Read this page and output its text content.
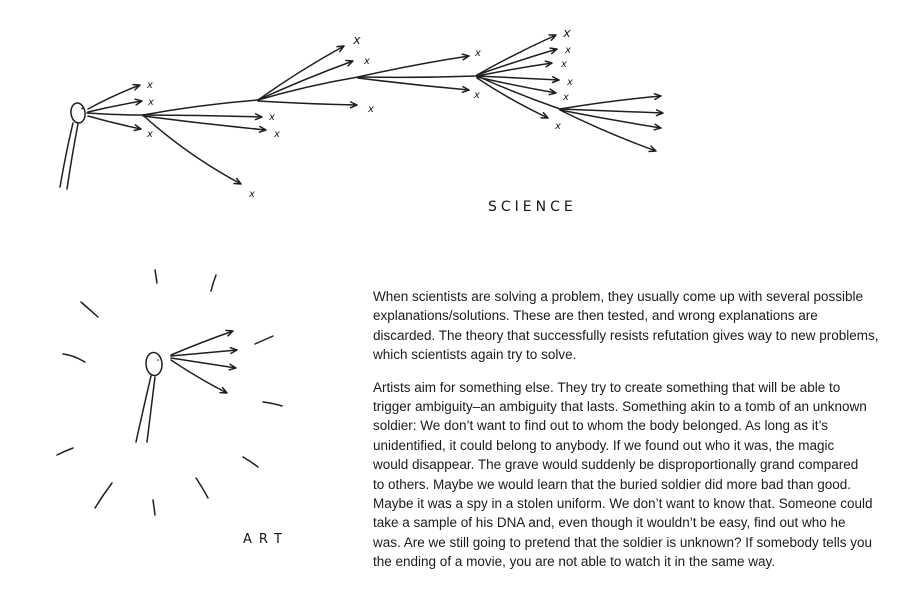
x
x
x
x
x
x
x
x
x
x
x
x
x
x
x
x
x
SCIENCE
ART

When scientists are solving a problem, they usually come up with several possible
explanations/solutions. These are then tested, and wrong explanations are
discarded. The theory that successfully resists refutation gives way to new problems,
which scientists again try to solve.

Artists aim for something else. They try to create something that will be able to
trigger ambiguity–an ambiguity that lasts. Something akin to a tomb of an unknown
soldier: We don’t want to find out to whom the body belonged. As long as it’s
unidentified, it could belong to anybody. If we found out who it was, the magic
would disappear. The grave would suddenly be disproportionally grand compared
to others. Maybe we would learn that the buried soldier did more bad than good.
Maybe it was a spy in a stolen uniform. We don’t want to know that. Someone could
take a sample of his DNA and, even though it wouldn’t be easy, find out who he
was. Are we still going to pretend that the soldier is unknown? If somebody tells you
the ending of a movie, you are not able to watch it in the same way.
